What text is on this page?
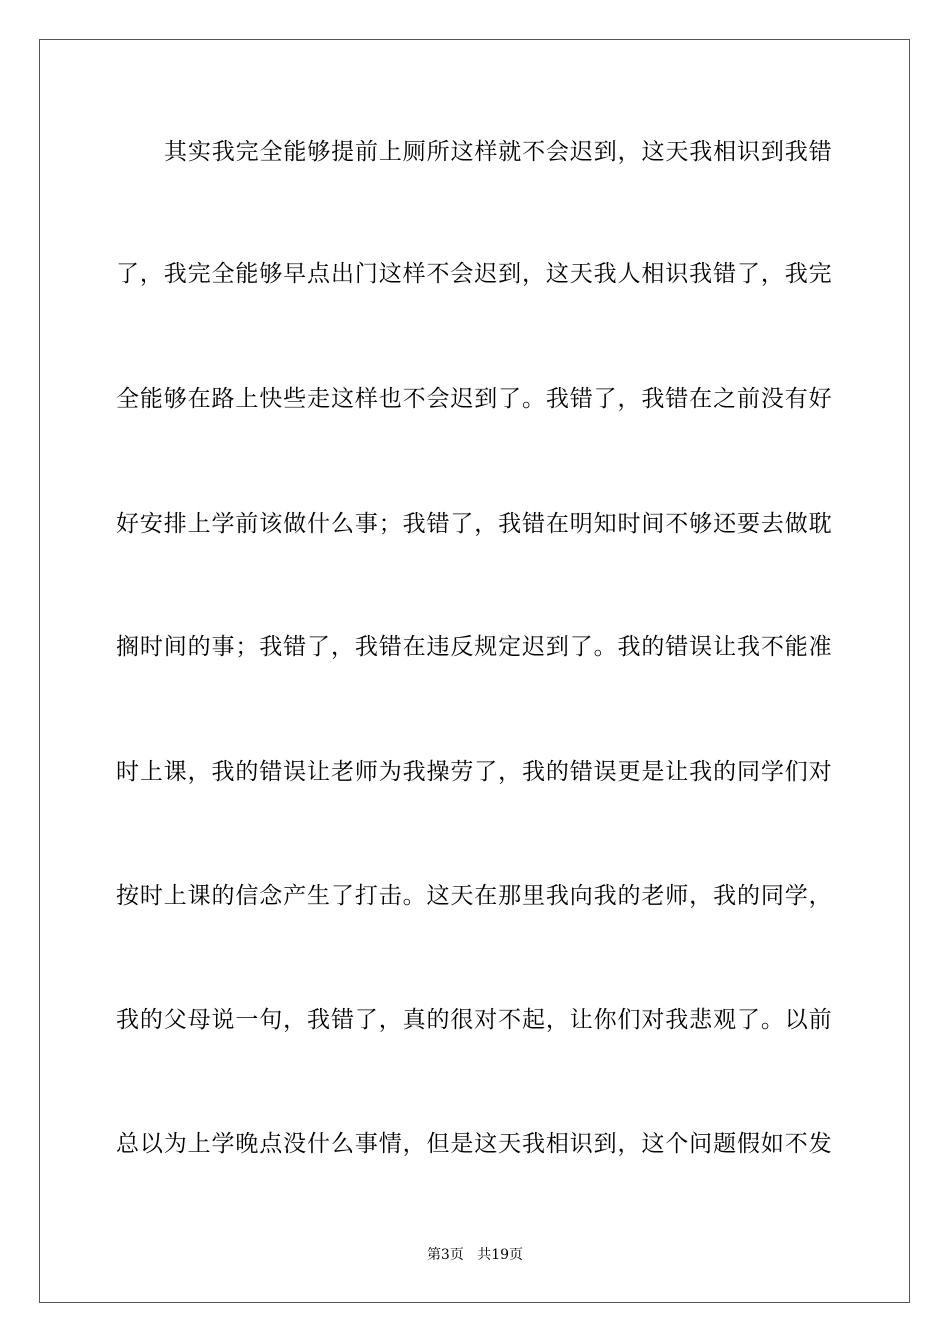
其实我完全能够提前上厕所这样就不会迟到，这天我相识到我错
了，我完全能够早点出门这样不会迟到，这天我人相识我错了，我完
全能够在路上快些走这样也不会迟到了。我错了，我错在之前没有好
好安排上学前该做什么事；我错了，我错在明知时间不够还要去做耽
搁时间的事；我错了，我错在违反规定迟到了。我的错误让我不能准
时上课，我的错误让老师为我操劳了，我的错误更是让我的同学们对
按时上课的信念产生了打击。这天在那里我向我的老师，我的同学，
我的父母说一句，我错了，真的很对不起，让你们对我悲观了。以前
总以为上学晚点没什么事情，但是这天我相识到，这个问题假如不发
第3页 共19页
